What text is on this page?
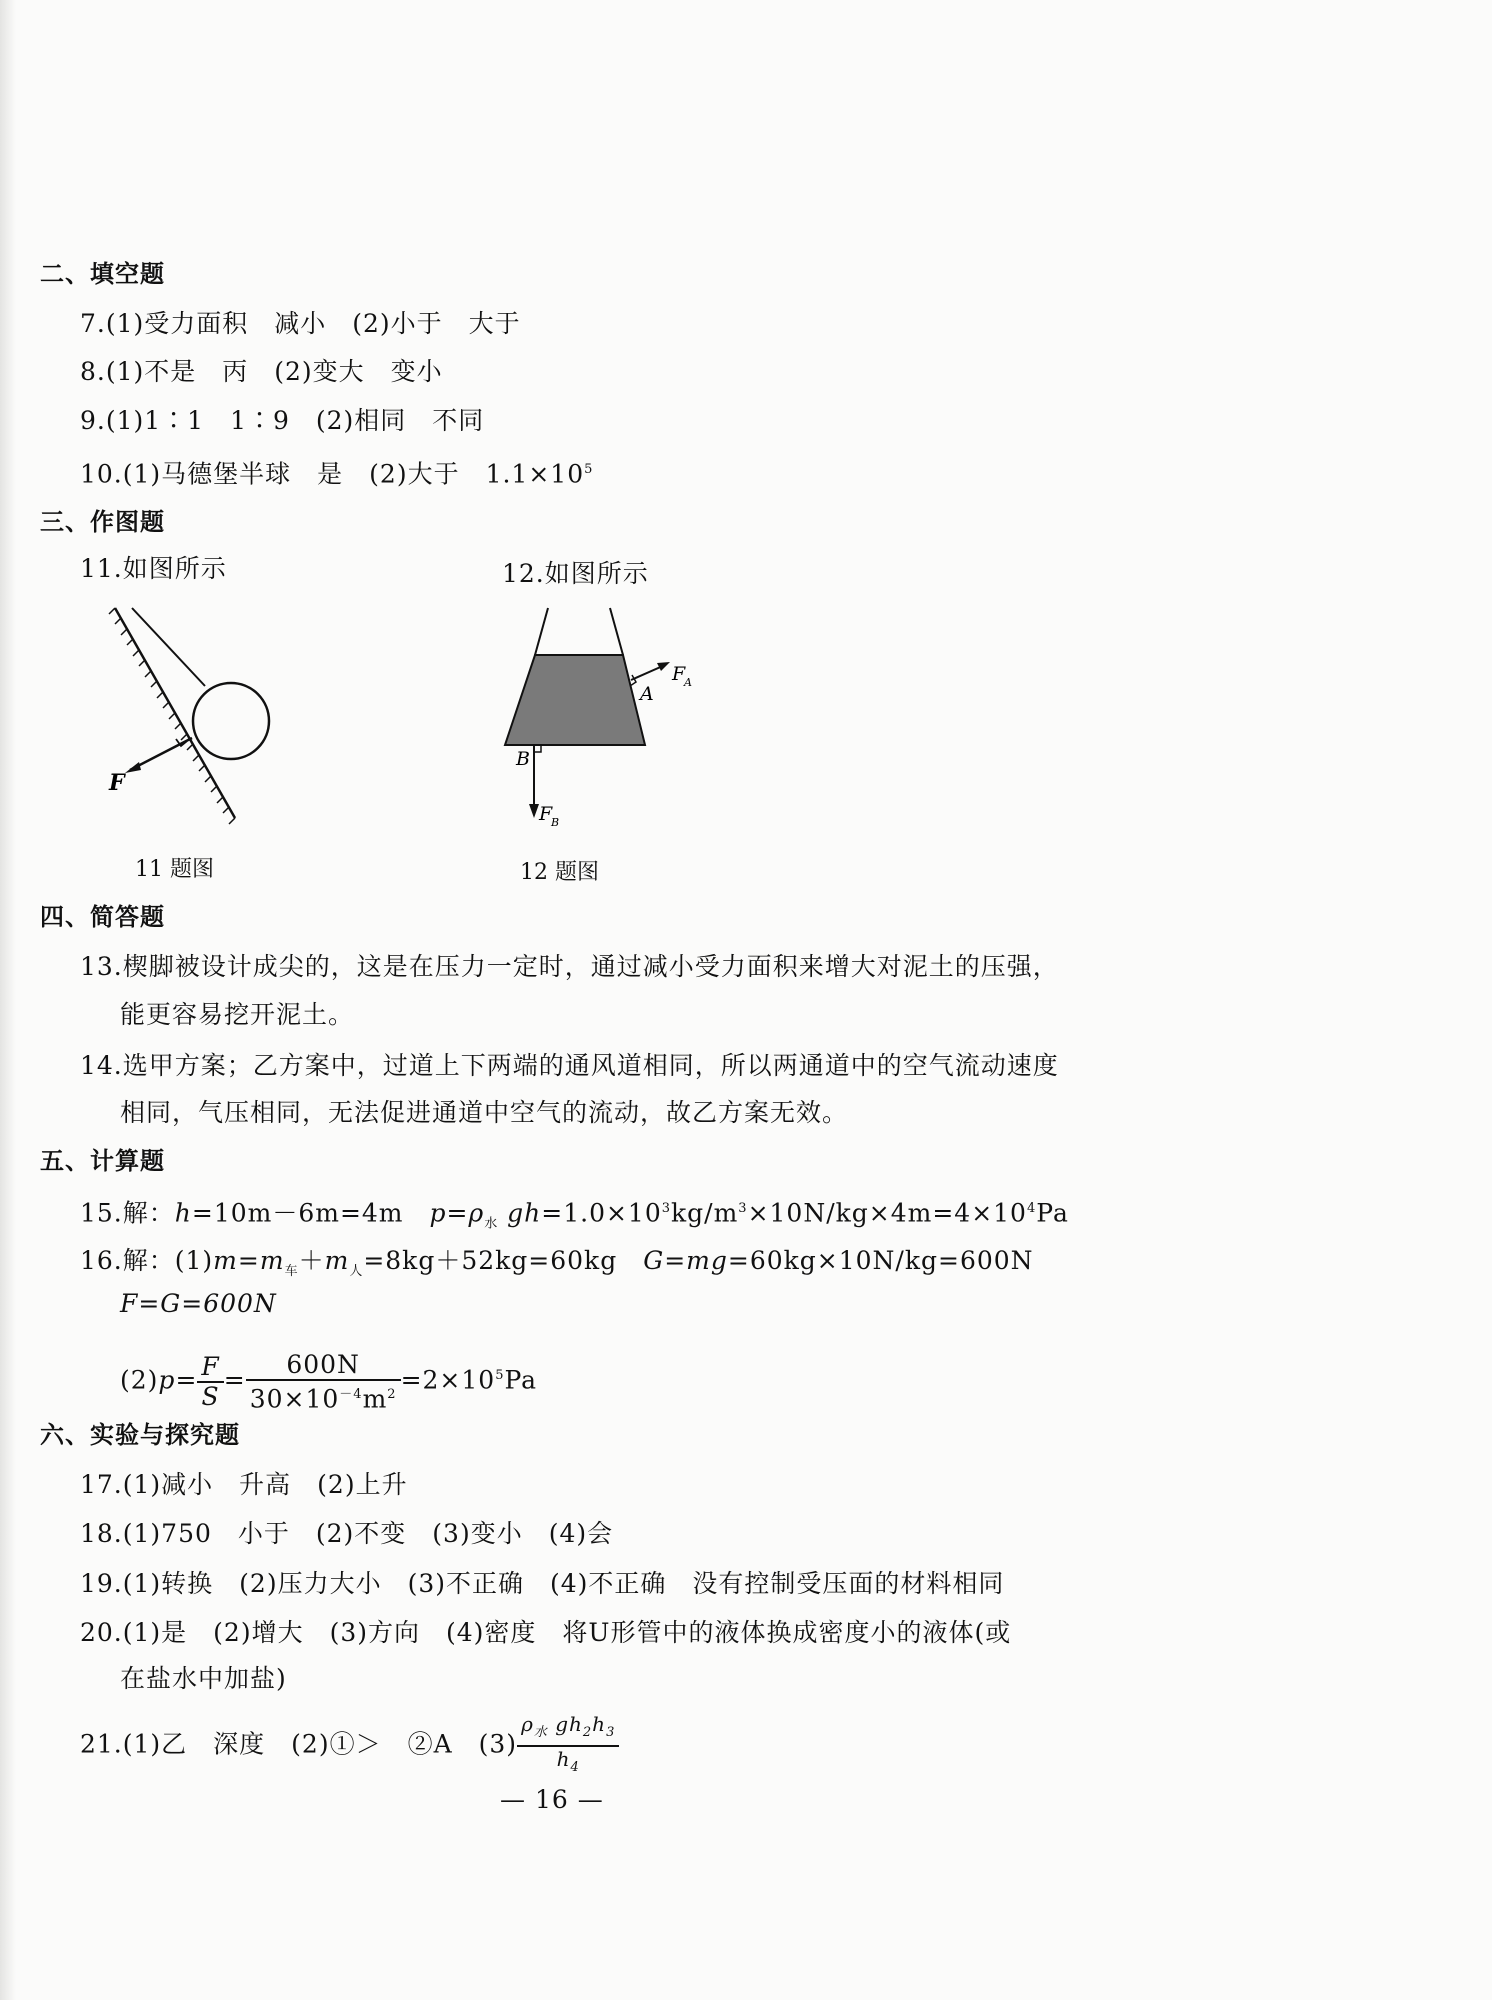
二、填空题
7.(1)受力面积　减小　(2)小于　大于
8.(1)不是　丙　(2)变大　变小
9.(1)1∶1　1∶9　(2)相同　不同
10.(1)马德堡半球　是　(2)大于　$1.1\times 10^5$
三、作图题
11.如图所示	12.如图所示
F
F
A
A
B
F
B
11 题图	12 题图
四、简答题
13.楔脚被设计成尖的，这是在压力一定时，通过减小受力面积来增大对泥土的压强，
能更容易挖开泥土。
14.选甲方案；乙方案中，过道上下两端的通风道相同，所以两通道中的空气流动速度
相同，气压相同，无法促进通道中空气的流动，故乙方案无效。
五、计算题
15.解：h=10m－6m=4m　$p=\rho_水$ $gh=1.0\times 10^3kg/m^3\times 10N/kg\times 4m=4\times 10^4Pa$
16.解：$(1)m=m_车+m_人=8kg+52kg=60kg$　G=mg=60kg×10N/kg=600N
F=G=600N
$(2)p= \frac{F}{S} = \frac{600N}{30\times 10^{-4}m^2} =2\times 10^5Pa$
六、实验与探究题
17.(1)减小　升高　(2)上升
18.(1)750　小于　(2)不变　(3)变小　(4)会
19.(1)转换　(2)压力大小　(3)不正确　(4)不正确　没有控制受压面的材料相同
20.(1)是　(2)增大　(3)方向　(4)密度　将U形管中的液体换成密度小的液体(或
在盐水中加盐)
21.(1)乙　深度　(2)①＞　②A　$(3) \frac{\rho_水 gh_2h_3}{h_4}$
— 16 —
